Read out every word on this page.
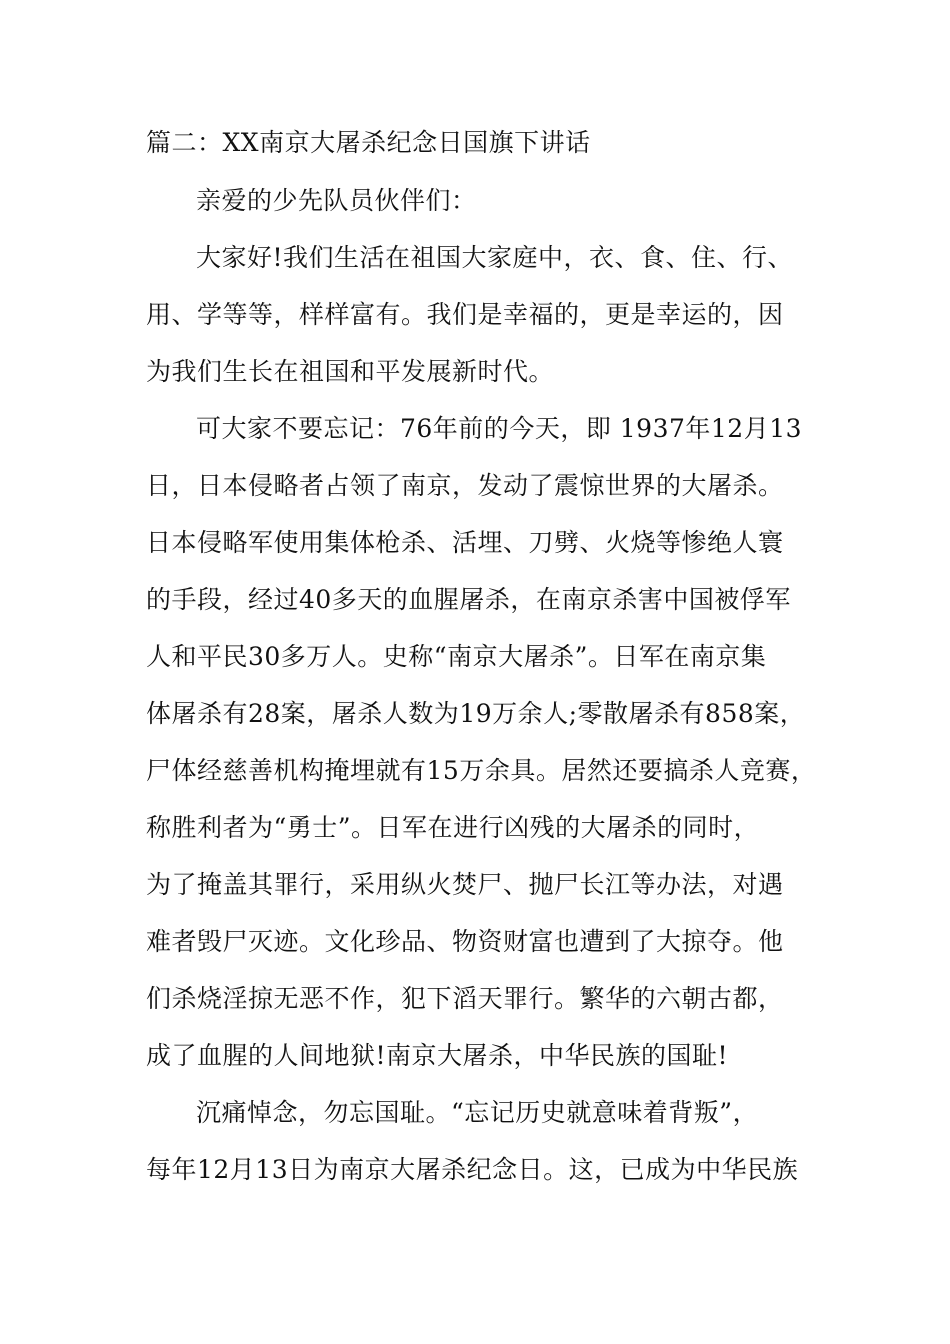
篇二：XX南京大屠杀纪念日国旗下讲话
亲爱的少先队员伙伴们：
大家好!我们生活在祖国大家庭中，衣、食、住、行、
用、学等等，样样富有。我们是幸福的，更是幸运的，因
为我们生长在祖国和平发展新时代。
可大家不要忘记：76年前的今天，即 1937年12月13
日，日本侵略者占领了南京，发动了震惊世界的大屠杀。
日本侵略军使用集体枪杀、活埋、刀劈、火烧等惨绝人寰
的手段，经过40多天的血腥屠杀，在南京杀害中国被俘军
人和平民30多万人。史称“南京大屠杀”。日军在南京集
体屠杀有28案，屠杀人数为19万余人;零散屠杀有858案，
尸体经慈善机构掩埋就有15万余具。居然还要搞杀人竞赛，
称胜利者为“勇士”。日军在进行凶残的大屠杀的同时，
为了掩盖其罪行，采用纵火焚尸、抛尸长江等办法，对遇
难者毁尸灭迹。文化珍品、物资财富也遭到了大掠夺。他
们杀烧淫掠无恶不作，犯下滔天罪行。繁华的六朝古都，
成了血腥的人间地狱!南京大屠杀，中华民族的国耻!
沉痛悼念，勿忘国耻。“忘记历史就意味着背叛”，
每年12月13日为南京大屠杀纪念日。这，已成为中华民族
